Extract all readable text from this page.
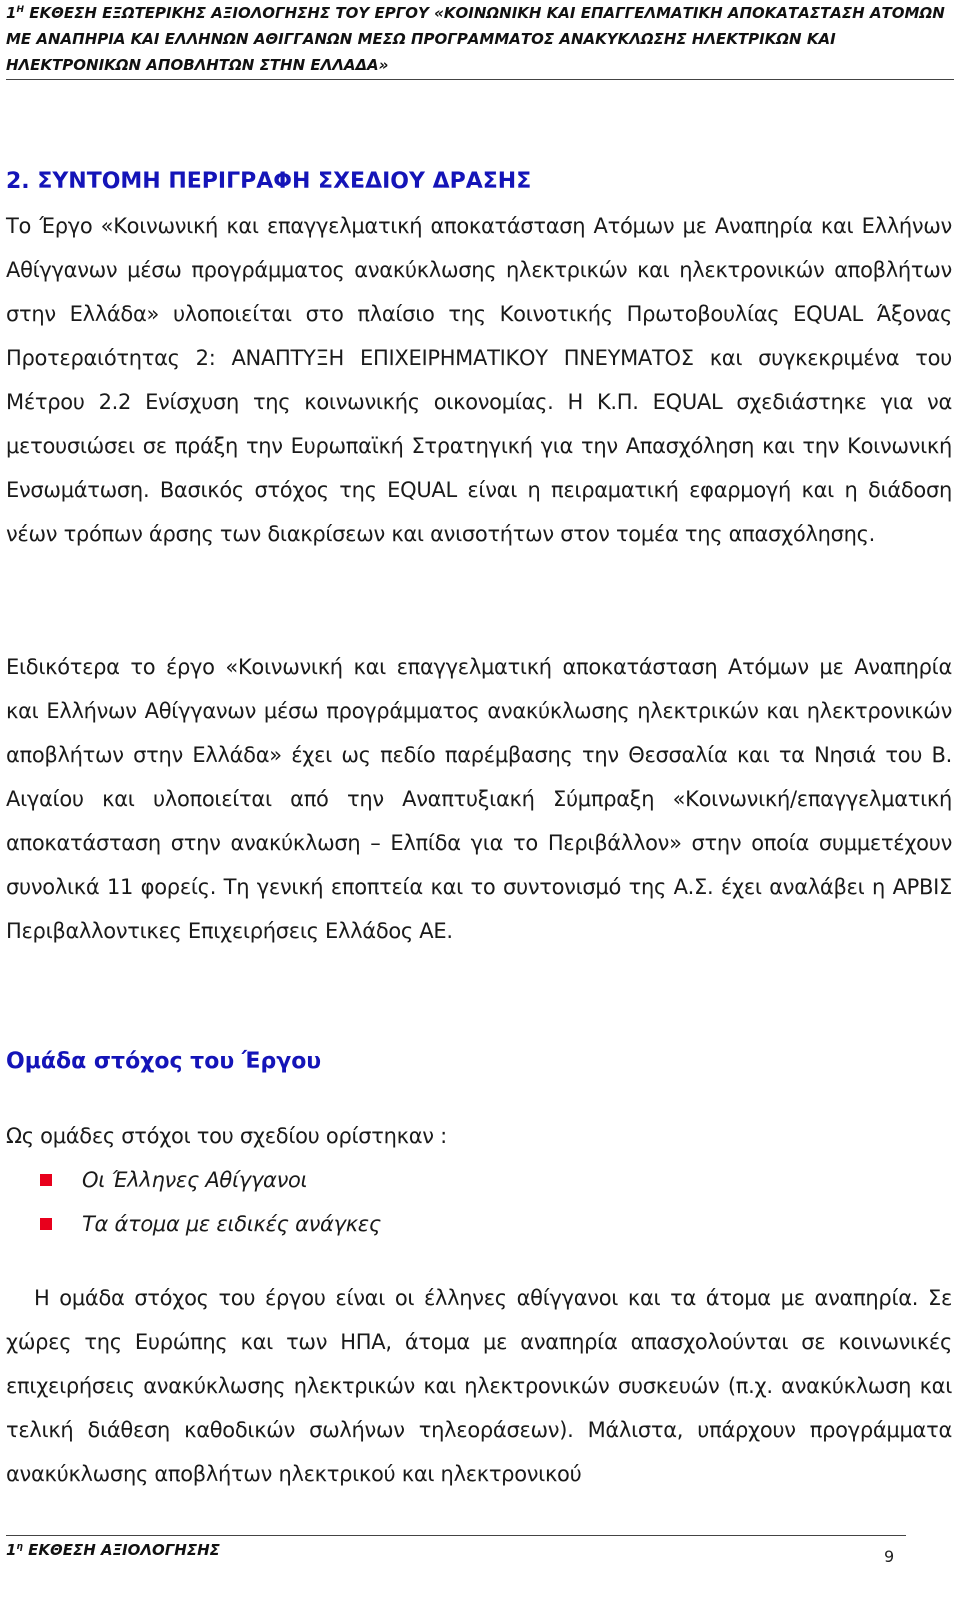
$1^H$ ΕΚΘΕΣΗ ΕΞΩΤΕΡΙΚΗΣ ΑΞΙΟΛΟΓΗΣΗΣ ΤΟΥ ΕΡΓΟΥ «ΚΟΙΝΩΝΙΚΗ ΚΑΙ ΕΠΑΓΓΕΛΜΑΤΙΚΗ ΑΠΟΚΑΤΑΣΤΑΣΗ ΑΤΟΜΩΝ ΜΕ ΑΝΑΠΗΡΙΑ ΚΑΙ ΕΛΛΗΝΩΝ ΑΘΙΓΓΑΝΩΝ ΜΕΣΩ ΠΡΟΓΡΑΜΜΑΤΟΣ ΑΝΑΚΥΚΛΩΣΗΣ ΗΛΕΚΤΡΙΚΩΝ ΚΑΙ ΗΛΕΚΤΡΟΝΙΚΩΝ ΑΠΟΒΛΗΤΩΝ ΣΤΗΝ ΕΛΛΑΔΑ»
2. ΣΥΝΤΟΜΗ ΠΕΡΙΓΡΑΦΗ ΣΧΕΔΙΟΥ ΔΡΑΣΗΣ
Το Έργο «Κοινωνική και επαγγελματική αποκατάσταση Ατόμων με Αναπηρία και Ελλήνων Αθίγγανων μέσω προγράμματος ανακύκλωσης ηλεκτρικών και ηλεκτρονικών αποβλήτων στην Ελλάδα» υλοποιείται στο πλαίσιο της Κοινοτικής Πρωτοβουλίας EQUAL Άξονας Προτεραιότητας 2: ΑΝΑΠΤΥΞΗ ΕΠΙΧΕΙΡΗΜΑΤΙΚΟΥ ΠΝΕΥΜΑΤΟΣ και συγκεκριμένα του Μέτρου 2.2 Ενίσχυση της κοινωνικής οικονομίας. Η Κ.Π. EQUAL σχεδιάστηκε για να μετουσιώσει σε πράξη την Ευρωπαϊκή Στρατηγική για την Απασχόληση και την Κοινωνική Ενσωμάτωση. Βασικός στόχος της EQUAL είναι η πειραματική εφαρμογή και η διάδοση νέων τρόπων άρσης των διακρίσεων και ανισοτήτων στον τομέα της απασχόλησης.
Ειδικότερα το έργο «Κοινωνική και επαγγελματική αποκατάσταση Ατόμων με Αναπηρία και Ελλήνων Αθίγγανων μέσω προγράμματος ανακύκλωσης ηλεκτρικών και ηλεκτρονικών αποβλήτων στην Ελλάδα» έχει ως πεδίο παρέμβασης την Θεσσαλία και τα Νησιά του Β. Αιγαίου και υλοποιείται από την Αναπτυξιακή Σύμπραξη «Κοινωνική/επαγγελματική αποκατάσταση στην ανακύκλωση – Ελπίδα για το Περιβάλλον» στην οποία συμμετέχουν συνολικά 11 φορείς. Τη γενική εποπτεία και το συντονισμό της Α.Σ. έχει αναλάβει η ΑΡΒΙΣ Περιβαλλοντικες Επιχειρήσεις Ελλάδος ΑΕ.
Ομάδα στόχος του Έργου
Ως ομάδες στόχοι του σχεδίου ορίστηκαν :
Οι Έλληνες Αθίγγανοι
Τα άτομα με ειδικές ανάγκες
Η ομάδα στόχος του έργου είναι οι έλληνες αθίγγανοι και τα άτομα με αναπηρία. Σε χώρες της Ευρώπης και των ΗΠΑ, άτομα με αναπηρία απασχολούνται σε κοινωνικές επιχειρήσεις ανακύκλωσης ηλεκτρικών και ηλεκτρονικών συσκευών (π.χ. ανακύκλωση και τελική διάθεση καθοδικών σωλήνων τηλεοράσεων). Μάλιστα, υπάρχουν προγράμματα ανακύκλωσης αποβλήτων ηλεκτρικού και ηλεκτρονικού
$1^\eta$ ΕΚΘΕΣΗ ΑΞΙΟΛΟΓΗΣΗΣ	9
